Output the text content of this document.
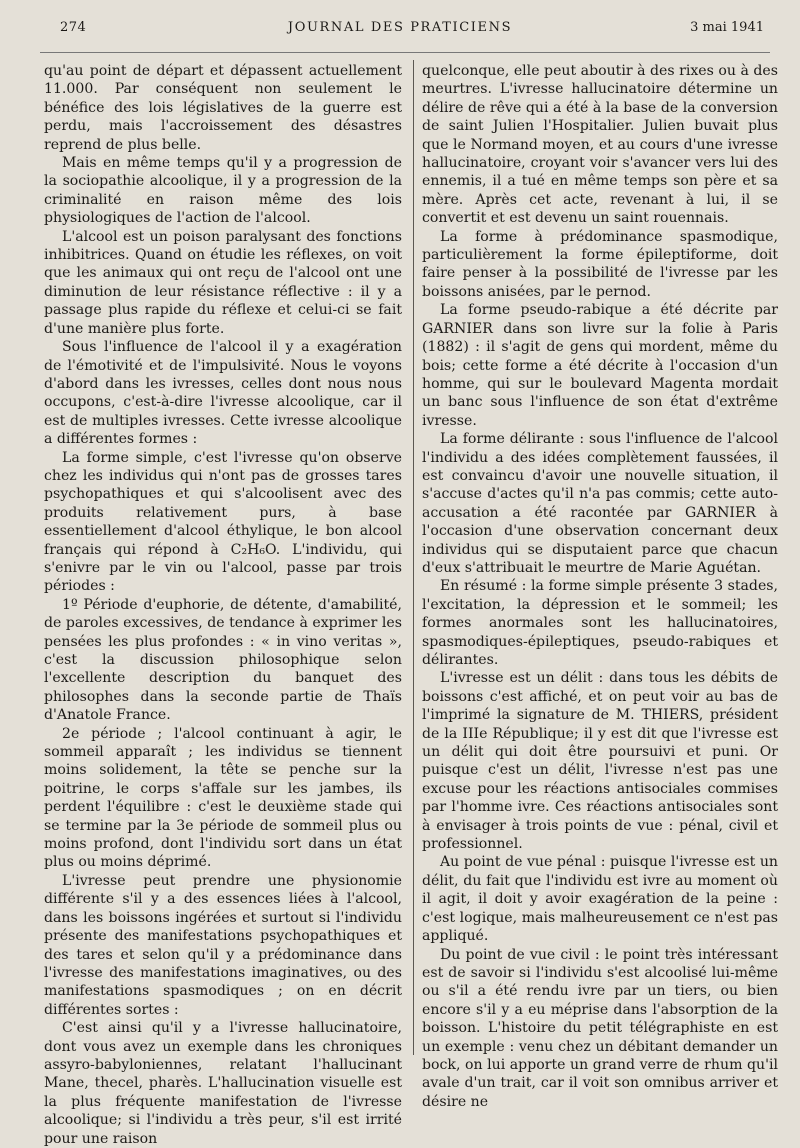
274	JOURNAL DES PRATICIENS	3 mai 1941

qu'au point de départ et dépassent actuellement 11.000. Par conséquent non seulement le bénéfice des lois législatives de la guerre est perdu, mais l'accroissement des désastres reprend de plus belle.

Mais en même temps qu'il y a progression de la sociopathie alcoolique, il y a progression de la criminalité en raison même des lois physiologiques de l'action de l'alcool.

L'alcool est un poison paralysant des fonctions inhibitrices. Quand on étudie les réflexes, on voit que les animaux qui ont reçu de l'alcool ont une diminution de leur résistance réflective : il y a passage plus rapide du réflexe et celui-ci se fait d'une manière plus forte.

Sous l'influence de l'alcool il y a exagération de l'émotivité et de l'impulsivité. Nous le voyons d'abord dans les ivresses, celles dont nous nous occupons, c'est-à-dire l'ivresse alcoolique, car il est de multiples ivresses. Cette ivresse alcoolique a différentes formes :

La forme simple, c'est l'ivresse qu'on observe chez les individus qui n'ont pas de grosses tares psychopathiques et qui s'alcoolisent avec des produits relativement purs, à base essentiellement d'alcool éthylique, le bon alcool français qui répond à C₂H₆O. L'individu, qui s'enivre par le vin ou l'alcool, passe par trois périodes :

1º Période d'euphorie, de détente, d'amabilité, de paroles excessives, de tendance à exprimer les pensées les plus profondes : « in vino veritas », c'est la discussion philosophique selon l'excellente description du banquet des philosophes dans la seconde partie de Thaïs d'Anatole France.

2e période ; l'alcool continuant à agir, le sommeil apparaît ; les individus se tiennent moins solidement, la tête se penche sur la poitrine, le corps s'affale sur les jambes, ils perdent l'équilibre : c'est le deuxième stade qui se termine par la 3e période de sommeil plus ou moins profond, dont l'individu sort dans un état plus ou moins déprimé.

L'ivresse peut prendre une physionomie différente s'il y a des essences liées à l'alcool, dans les boissons ingérées et surtout si l'individu présente des manifestations psychopathiques et des tares et selon qu'il y a prédominance dans l'ivresse des manifestations imaginatives, ou des manifestations spasmodiques ; on en décrit différentes sortes :

C'est ainsi qu'il y a l'ivresse hallucinatoire, dont vous avez un exemple dans les chroniques assyro-babyloniennes, relatant l'hallucinant Mane, thecel, pharès. L'hallucination visuelle est la plus fréquente manifestation de l'ivresse alcoolique; si l'individu a très peur, s'il est irrité pour une raison

quelconque, elle peut aboutir à des rixes ou à des meurtres. L'ivresse hallucinatoire détermine un délire de rêve qui a été à la base de la conversion de saint Julien l'Hospitalier. Julien buvait plus que le Normand moyen, et au cours d'une ivresse hallucinatoire, croyant voir s'avancer vers lui des ennemis, il a tué en même temps son père et sa mère. Après cet acte, revenant à lui, il se convertit et est devenu un saint rouennais.

La forme à prédominance spasmodique, particulièrement la forme épileptiforme, doit faire penser à la possibilité de l'ivresse par les boissons anisées, par le pernod.

La forme pseudo-rabique a été décrite par GARNIER dans son livre sur la folie à Paris (1882) : il s'agit de gens qui mordent, même du bois; cette forme a été décrite à l'occasion d'un homme, qui sur le boulevard Magenta mordait un banc sous l'influence de son état d'extrême ivresse.

La forme délirante : sous l'influence de l'alcool l'individu a des idées complètement faussées, il est convaincu d'avoir une nouvelle situation, il s'accuse d'actes qu'il n'a pas commis; cette auto-accusation a été racontée par GARNIER à l'occasion d'une observation concernant deux individus qui se disputaient parce que chacun d'eux s'attribuait le meurtre de Marie Aguétan.

En résumé : la forme simple présente 3 stades, l'excitation, la dépression et le sommeil; les formes anormales sont les hallucinatoires, spasmodiques-épileptiques, pseudo-rabiques et délirantes.

L'ivresse est un délit : dans tous les débits de boissons c'est affiché, et on peut voir au bas de l'imprimé la signature de M. THIERS, président de la IIIe République; il y est dit que l'ivresse est un délit qui doit être poursuivi et puni. Or puisque c'est un délit, l'ivresse n'est pas une excuse pour les réactions antisociales commises par l'homme ivre. Ces réactions antisociales sont à envisager à trois points de vue : pénal, civil et professionnel.

Au point de vue pénal : puisque l'ivresse est un délit, du fait que l'individu est ivre au moment où il agit, il doit y avoir exagération de la peine : c'est logique, mais malheureusement ce n'est pas appliqué.

Du point de vue civil : le point très intéressant est de savoir si l'individu s'est alcoolisé lui-même ou s'il a été rendu ivre par un tiers, ou bien encore s'il y a eu méprise dans l'absorption de la boisson. L'histoire du petit télégraphiste en est un exemple : venu chez un débitant demander un bock, on lui apporte un grand verre de rhum qu'il avale d'un trait, car il voit son omnibus arriver et désire ne
